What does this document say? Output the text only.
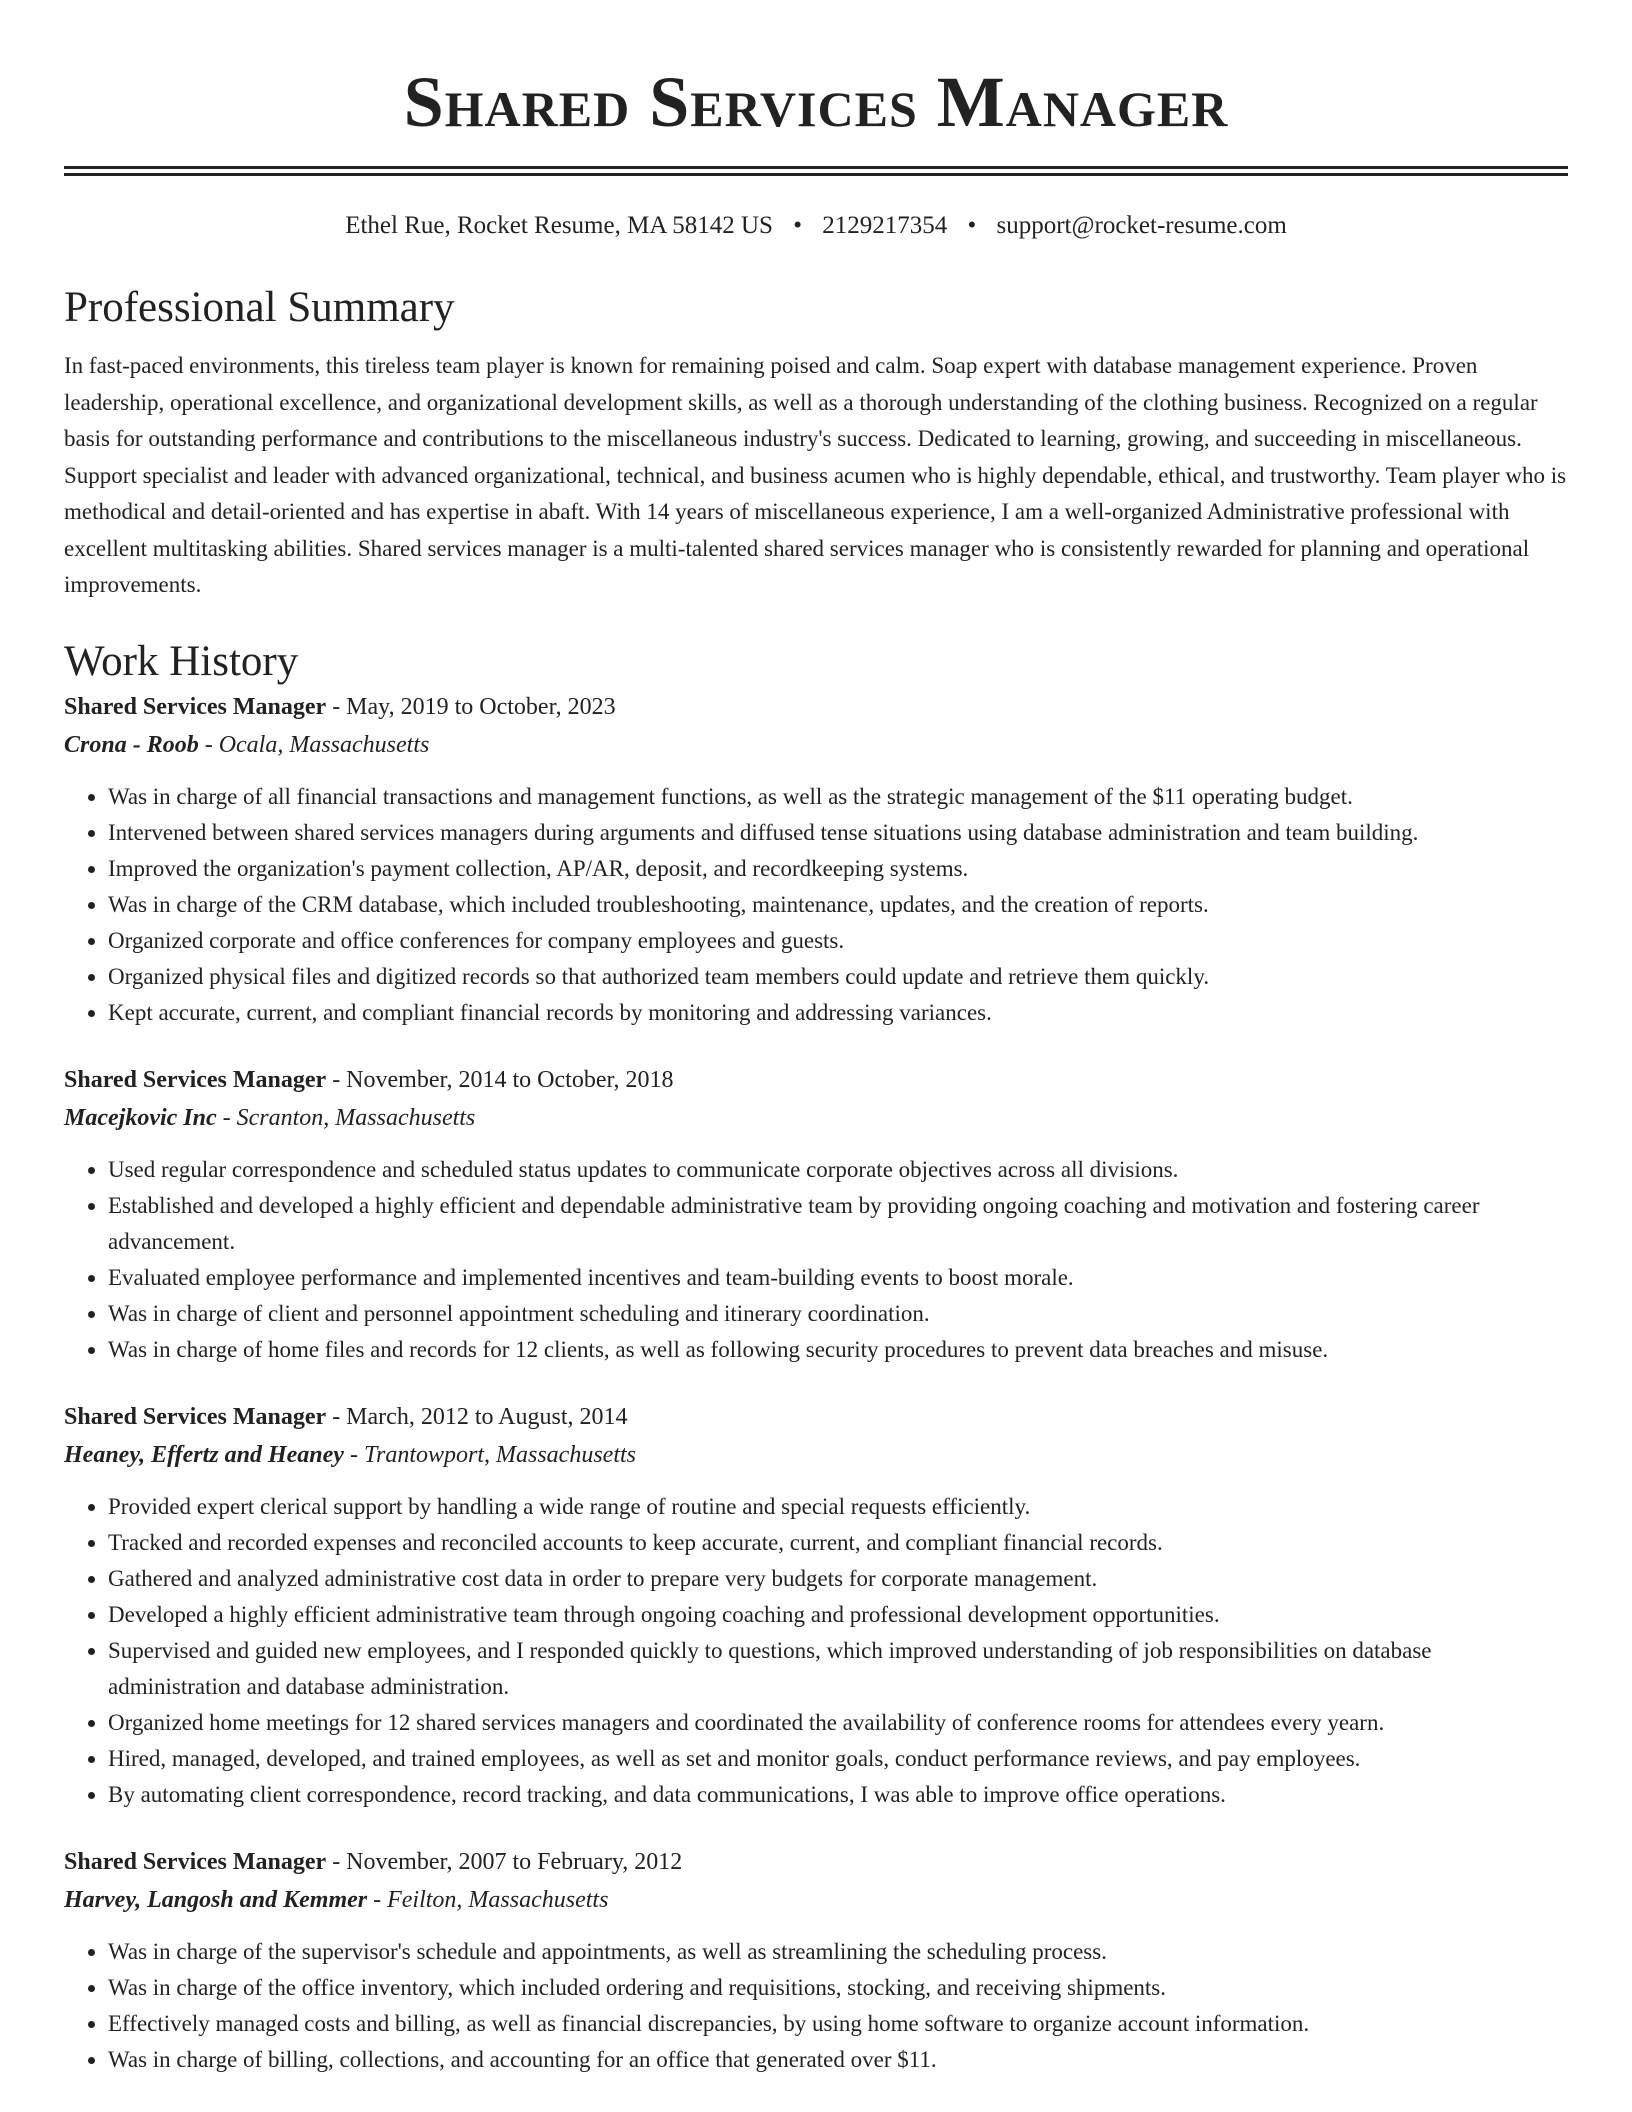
Shared Services Manager
Ethel Rue, Rocket Resume, MA 58142 US • 2129217354 • support@rocket-resume.com
Professional Summary

In fast-paced environments, this tireless team player is known for remaining poised and calm. Soap expert with database management experience. Proven leadership, operational excellence, and organizational development skills, as well as a thorough understanding of the clothing business. Recognized on a regular basis for outstanding performance and contributions to the miscellaneous industry's success. Dedicated to learning, growing, and succeeding in miscellaneous. Support specialist and leader with advanced organizational, technical, and business acumen who is highly dependable, ethical, and trustworthy. Team player who is methodical and detail-oriented and has expertise in abaft. With 14 years of miscellaneous experience, I am a well-organized Administrative professional with excellent multitasking abilities. Shared services manager is a multi-talented shared services manager who is consistently rewarded for planning and operational improvements.

Work History
Shared Services Manager - May, 2019 to October, 2023
Crona - Roob - Ocala, Massachusetts
• Was in charge of all financial transactions and management functions, as well as the strategic management of the $11 operating budget.
• Intervened between shared services managers during arguments and diffused tense situations using database administration and team building.
• Improved the organization's payment collection, AP/AR, deposit, and recordkeeping systems.
• Was in charge of the CRM database, which included troubleshooting, maintenance, updates, and the creation of reports.
• Organized corporate and office conferences for company employees and guests.
• Organized physical files and digitized records so that authorized team members could update and retrieve them quickly.
• Kept accurate, current, and compliant financial records by monitoring and addressing variances.
Shared Services Manager - November, 2014 to October, 2018
Macejkovic Inc - Scranton, Massachusetts
• Used regular correspondence and scheduled status updates to communicate corporate objectives across all divisions.
• Established and developed a highly efficient and dependable administrative team by providing ongoing coaching and motivation and fostering career advancement.
• Evaluated employee performance and implemented incentives and team-building events to boost morale.
• Was in charge of client and personnel appointment scheduling and itinerary coordination.
• Was in charge of home files and records for 12 clients, as well as following security procedures to prevent data breaches and misuse.
Shared Services Manager - March, 2012 to August, 2014
Heaney, Effertz and Heaney - Trantowport, Massachusetts
• Provided expert clerical support by handling a wide range of routine and special requests efficiently.
• Tracked and recorded expenses and reconciled accounts to keep accurate, current, and compliant financial records.
• Gathered and analyzed administrative cost data in order to prepare very budgets for corporate management.
• Developed a highly efficient administrative team through ongoing coaching and professional development opportunities.
• Supervised and guided new employees, and I responded quickly to questions, which improved understanding of job responsibilities on database administration and database administration.
• Organized home meetings for 12 shared services managers and coordinated the availability of conference rooms for attendees every yearn.
• Hired, managed, developed, and trained employees, as well as set and monitor goals, conduct performance reviews, and pay employees.
• By automating client correspondence, record tracking, and data communications, I was able to improve office operations.
Shared Services Manager - November, 2007 to February, 2012
Harvey, Langosh and Kemmer - Feilton, Massachusetts
• Was in charge of the supervisor's schedule and appointments, as well as streamlining the scheduling process.
• Was in charge of the office inventory, which included ordering and requisitions, stocking, and receiving shipments.
• Effectively managed costs and billing, as well as financial discrepancies, by using home software to organize account information.
• Was in charge of billing, collections, and accounting for an office that generated over $11.
